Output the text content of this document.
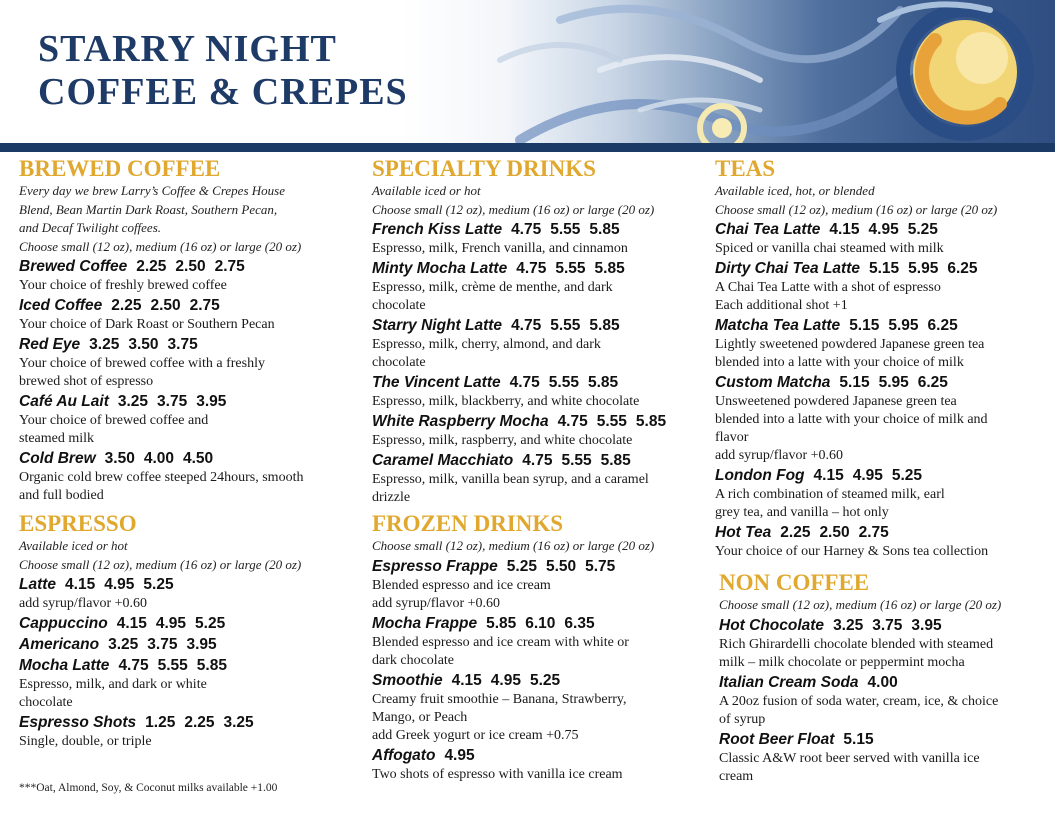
STARRY NIGHT
COFFEE & CREPES
BREWED COFFEE

Every day we brew Larry’s Coffee & Crepes House

Blend, Bean Martin Dark Roast, Southern Pecan,

and Decaf Twilight coffees.

Choose small (12 oz), medium (16 oz) or large (20 oz)

Brewed Coffee 2.25 2.50 2.75

Your choice of freshly brewed coffee

Iced Coffee 2.25 2.50 2.75

Your choice of Dark Roast or Southern Pecan

Red Eye 3.25 3.50 3.75

Your choice of brewed coffee with a freshly

brewed shot of espresso

Café Au Lait 3.25 3.75 3.95

Your choice of brewed coffee and

steamed milk

Cold Brew 3.50 4.00 4.50

Organic cold brew coffee steeped 24hours, smooth

and full bodied

ESPRESSO

Available iced or hot

Choose small (12 oz), medium (16 oz) or large (20 oz)

Latte 4.15 4.95 5.25

add syrup/flavor +0.60

Cappuccino 4.15 4.95 5.25
Americano 3.25 3.75 3.95
Mocha Latte 4.75 5.55 5.85

Espresso, milk, and dark or white

chocolate

Espresso Shots 1.25 2.25 3.25

Single, double, or triple

SPECIALTY DRINKS

Available iced or hot

Choose small (12 oz), medium (16 oz) or large (20 oz)

French Kiss Latte 4.75 5.55 5.85

Espresso, milk, French vanilla, and cinnamon

Minty Mocha Latte 4.75 5.55 5.85

Espresso, milk, crème de menthe, and dark

chocolate

Starry Night Latte 4.75 5.55 5.85

Espresso, milk, cherry, almond, and dark

chocolate

The Vincent Latte 4.75 5.55 5.85

Espresso, milk, blackberry, and white chocolate

White Raspberry Mocha 4.75 5.55 5.85

Espresso, milk, raspberry, and white chocolate

Caramel Macchiato 4.75 5.55 5.85

Espresso, milk, vanilla bean syrup, and a caramel

drizzle

FROZEN DRINKS

Choose small (12 oz), medium (16 oz) or large (20 oz)

Espresso Frappe 5.25 5.50 5.75

Blended espresso and ice cream

add syrup/flavor +0.60

Mocha Frappe 5.85 6.10 6.35

Blended espresso and ice cream with white or

dark chocolate

Smoothie 4.15 4.95 5.25

Creamy fruit smoothie – Banana, Strawberry,

Mango, or Peach

add Greek yogurt or ice cream +0.75

Affogato 4.95

Two shots of espresso with vanilla ice cream

TEAS

Available iced, hot, or blended

Choose small (12 oz), medium (16 oz) or large (20 oz)

Chai Tea Latte 4.15 4.95 5.25

Spiced or vanilla chai steamed with milk

Dirty Chai Tea Latte 5.15 5.95 6.25

A Chai Tea Latte with a shot of espresso

Each additional shot +1

Matcha Tea Latte 5.15 5.95 6.25

Lightly sweetened powdered Japanese green tea

blended into a latte with your choice of milk

Custom Matcha 5.15 5.95 6.25

Unsweetened powdered Japanese green tea

blended into a latte with your choice of milk and

flavor

add syrup/flavor +0.60

London Fog 4.15 4.95 5.25

A rich combination of steamed milk, earl

grey tea, and vanilla – hot only

Hot Tea 2.25 2.50 2.75

Your choice of our Harney & Sons tea collection

NON COFFEE

Choose small (12 oz), medium (16 oz) or large (20 oz)

Hot Chocolate 3.25 3.75 3.95

Rich Ghirardelli chocolate blended with steamed

milk – milk chocolate or peppermint mocha

Italian Cream Soda 4.00

A 20oz fusion of soda water, cream, ice, & choice

of syrup

Root Beer Float 5.15

Classic A&W root beer served with vanilla ice

cream

***Oat, Almond, Soy, & Coconut milks available +1.00
